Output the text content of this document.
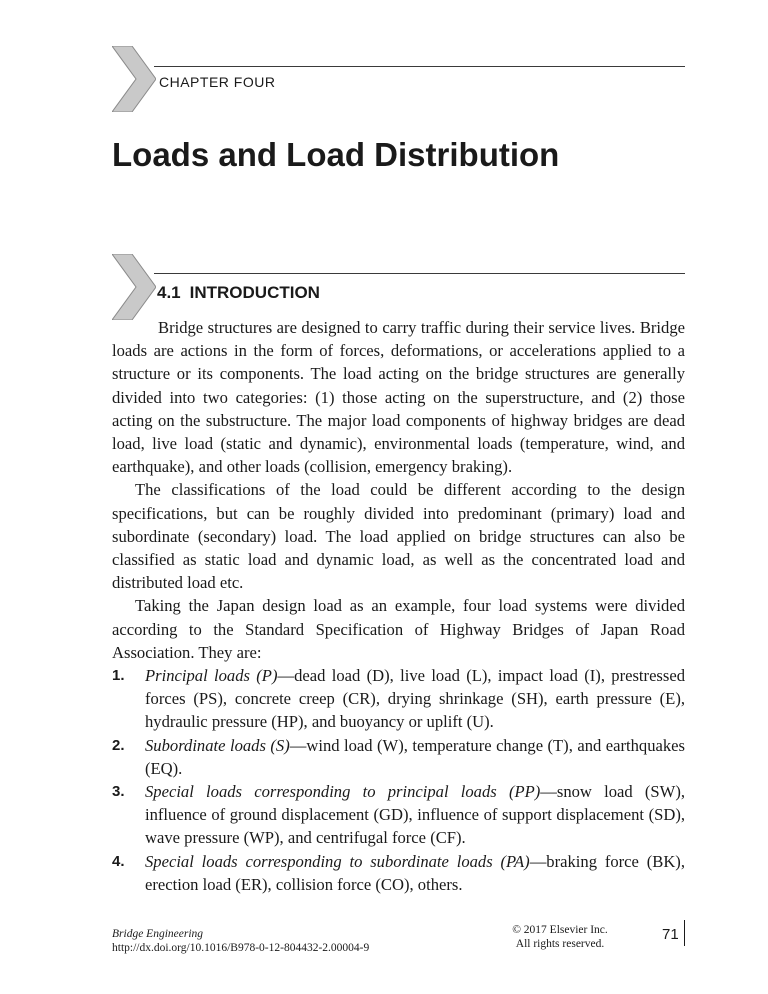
CHAPTER FOUR
Loads and Load Distribution
4.1 INTRODUCTION

Bridge structures are designed to carry traffic during their service lives. Bridge loads are actions in the form of forces, deformations, or accelerations applied to a structure or its components. The load acting on the bridge structures are generally divided into two categories: (1) those acting on the superstructure, and (2) those acting on the substructure. The major load components of highway bridges are dead load, live load (static and dynamic), environmental loads (temperature, wind, and earthquake), and other loads (collision, emergency braking).

The classifications of the load could be different according to the design specifications, but can be roughly divided into predominant (primary) load and subordinate (secondary) load. The load applied on bridge structures can also be classified as static load and dynamic load, as well as the concentrated load and distributed load etc.

Taking the Japan design load as an example, four load systems were divided according to the Standard Specification of Highway Bridges of Japan Road Association. They are:

1. Principal loads (P)—dead load (D), live load (L), impact load (I), prestressed forces (PS), concrete creep (CR), drying shrinkage (SH), earth pressure (E), hydraulic pressure (HP), and buoyancy or uplift (U).
2. Subordinate loads (S)—wind load (W), temperature change (T), and earthquakes (EQ).
3. Special loads corresponding to principal loads (PP)—snow load (SW), influence of ground displacement (GD), influence of support displacement (SD), wave pressure (WP), and centrifugal force (CF).
4. Special loads corresponding to subordinate loads (PA)—braking force (BK), erection load (ER), collision force (CO), others.
Bridge Engineering
http://dx.doi.org/10.1016/B978-0-12-804432-2.00004-9
© 2017 Elsevier Inc.
All rights reserved.
71
